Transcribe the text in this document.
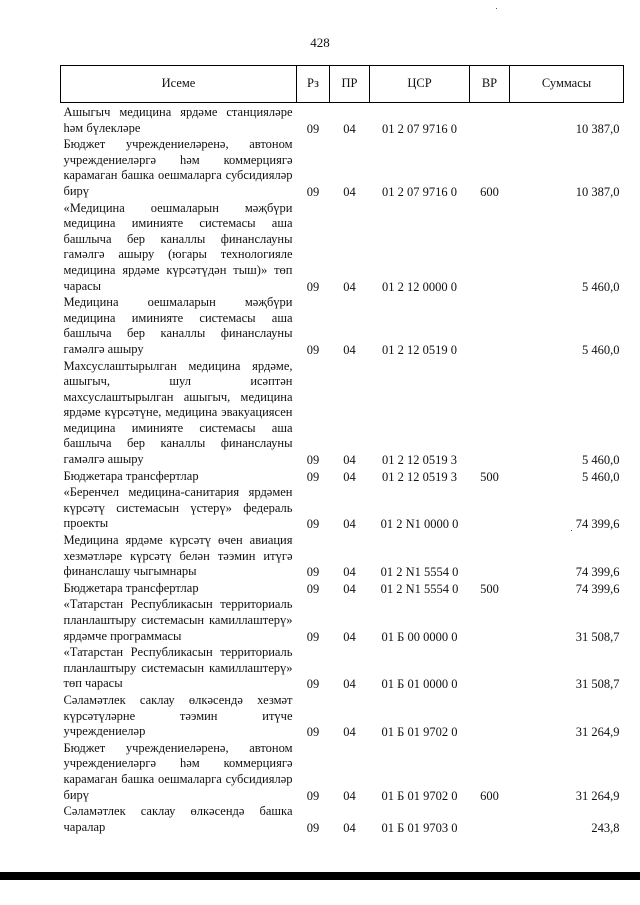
428
Исеме	Рз	ПР	ЦСР	ВР	Суммасы
Ашыгыч медицина ярдәме станцияләре һәм бүлекләре	09	04	01 2 07 9716 0		10 387,0
Бюджет учреждениеләренә, автоном учреждениеләргә һәм коммерциягә карамаган башка оешмаларга субсидияләр бирү	09	04	01 2 07 9716 0	600	10 387,0
«Медицина оешмаларын мәҗбүри медицина иминияте системасы аша башлыча бер каналлы финанслауны гамәлгә ашыру (югары технологияле медицина ярдәме күрсәтүдән тыш)» төп чарасы	09	04	01 2 12 0000 0		5 460,0
Медицина оешмаларын мәҗбүри медицина иминияте системасы аша башлыча бер каналлы финанслауны гамәлгә ашыру	09	04	01 2 12 0519 0		5 460,0
Махсуслаштырылган медицина ярдәме, ашыгыч, шул исәптән махсуслаштырылган ашыгыч, медицина ярдәме күрсәтүне, медицина эвакуациясен медицина иминияте системасы аша башлыча бер каналлы финанслауны гамәлгә ашыру	09	04	01 2 12 0519 3		5 460,0
Бюджетара трансфертлар	09	04	01 2 12 0519 3	500	5 460,0
«Беренчел медицина-санитария ярдәмен күрсәтү системасын үстерү» федераль проекты	09	04	01 2 N1 0000 0		74 399,6
Медицина ярдәме күрсәтү өчен авиация хезмәтләре күрсәтү белән тәэмин итүгә финанслашу чыгымнары	09	04	01 2 N1 5554 0		74 399,6
Бюджетара трансфертлар	09	04	01 2 N1 5554 0	500	74 399,6
«Татарстан Республикасын территориаль планлаштыру системасын камиллаштерү» ярдәмче программасы	09	04	01 Б 00 0000 0		31 508,7
«Татарстан Республикасын территориаль планлаштыру системасын камиллаштерү» төп чарасы	09	04	01 Б 01 0000 0		31 508,7
Сәламәтлек саклау өлкәсендә хезмәт күрсәтүләрне тәэмин итүче учреждениеләр	09	04	01 Б 01 9702 0		31 264,9
Бюджет учреждениеләренә, автоном учреждениеләргә һәм коммерциягә карамаган башка оешмаларга субсидияләр бирү	09	04	01 Б 01 9702 0	600	31 264,9
Сәламәтлек саклау өлкәсендә башка чаралар	09	04	01 Б 01 9703 0		243,8
